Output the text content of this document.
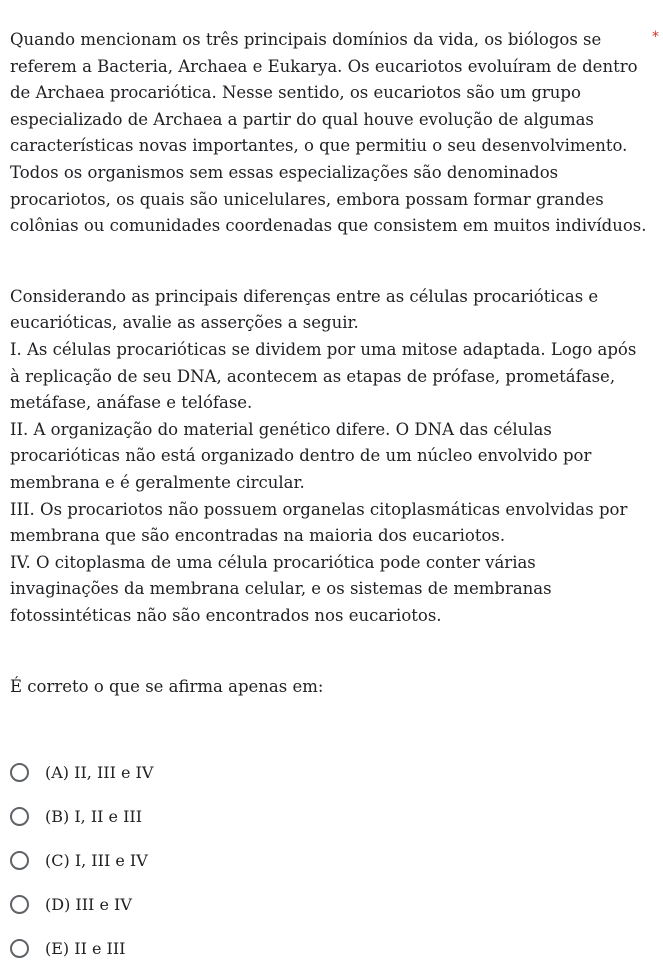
Quando mencionam os três principais domínios da vida, os biólogos se referem a Bacteria, Archaea e Eukarya. Os eucariotos evoluíram de dentro de Archaea procariótica. Nesse sentido, os eucariotos são um grupo especializado de Archaea a partir do qual houve evolução de algumas características novas importantes, o que permitiu o seu desenvolvimento. Todos os organismos sem essas especializações são denominados procariotos, os quais são unicelulares, embora possam formar grandes colônias ou comunidades coordenadas que consistem em muitos indivíduos.

Considerando as principais diferenças entre as células procarióticas e eucarióticas, avalie as asserções a seguir.

I. As células procarióticas se dividem por uma mitose adaptada. Logo após à replicação de seu DNA, acontecem as etapas de prófase, prometáfase, metáfase, anáfase e telófase.

II. A organização do material genético difere. O DNA das células procarióticas não está organizado dentro de um núcleo envolvido por membrana e é geralmente circular.

III. Os procariotos não possuem organelas citoplasmáticas envolvidas por membrana que são encontradas na maioria dos eucariotos.

IV. O citoplasma de uma célula procariótica pode conter várias invaginações da membrana celular, e os sistemas de membranas fotossintéticas não são encontrados nos eucariotos.

É correto o que se afirma apenas em:

*
(A) II, III e IV
(B) I, II e III
(C) I, III e IV
(D) III e IV
(E) II e III
